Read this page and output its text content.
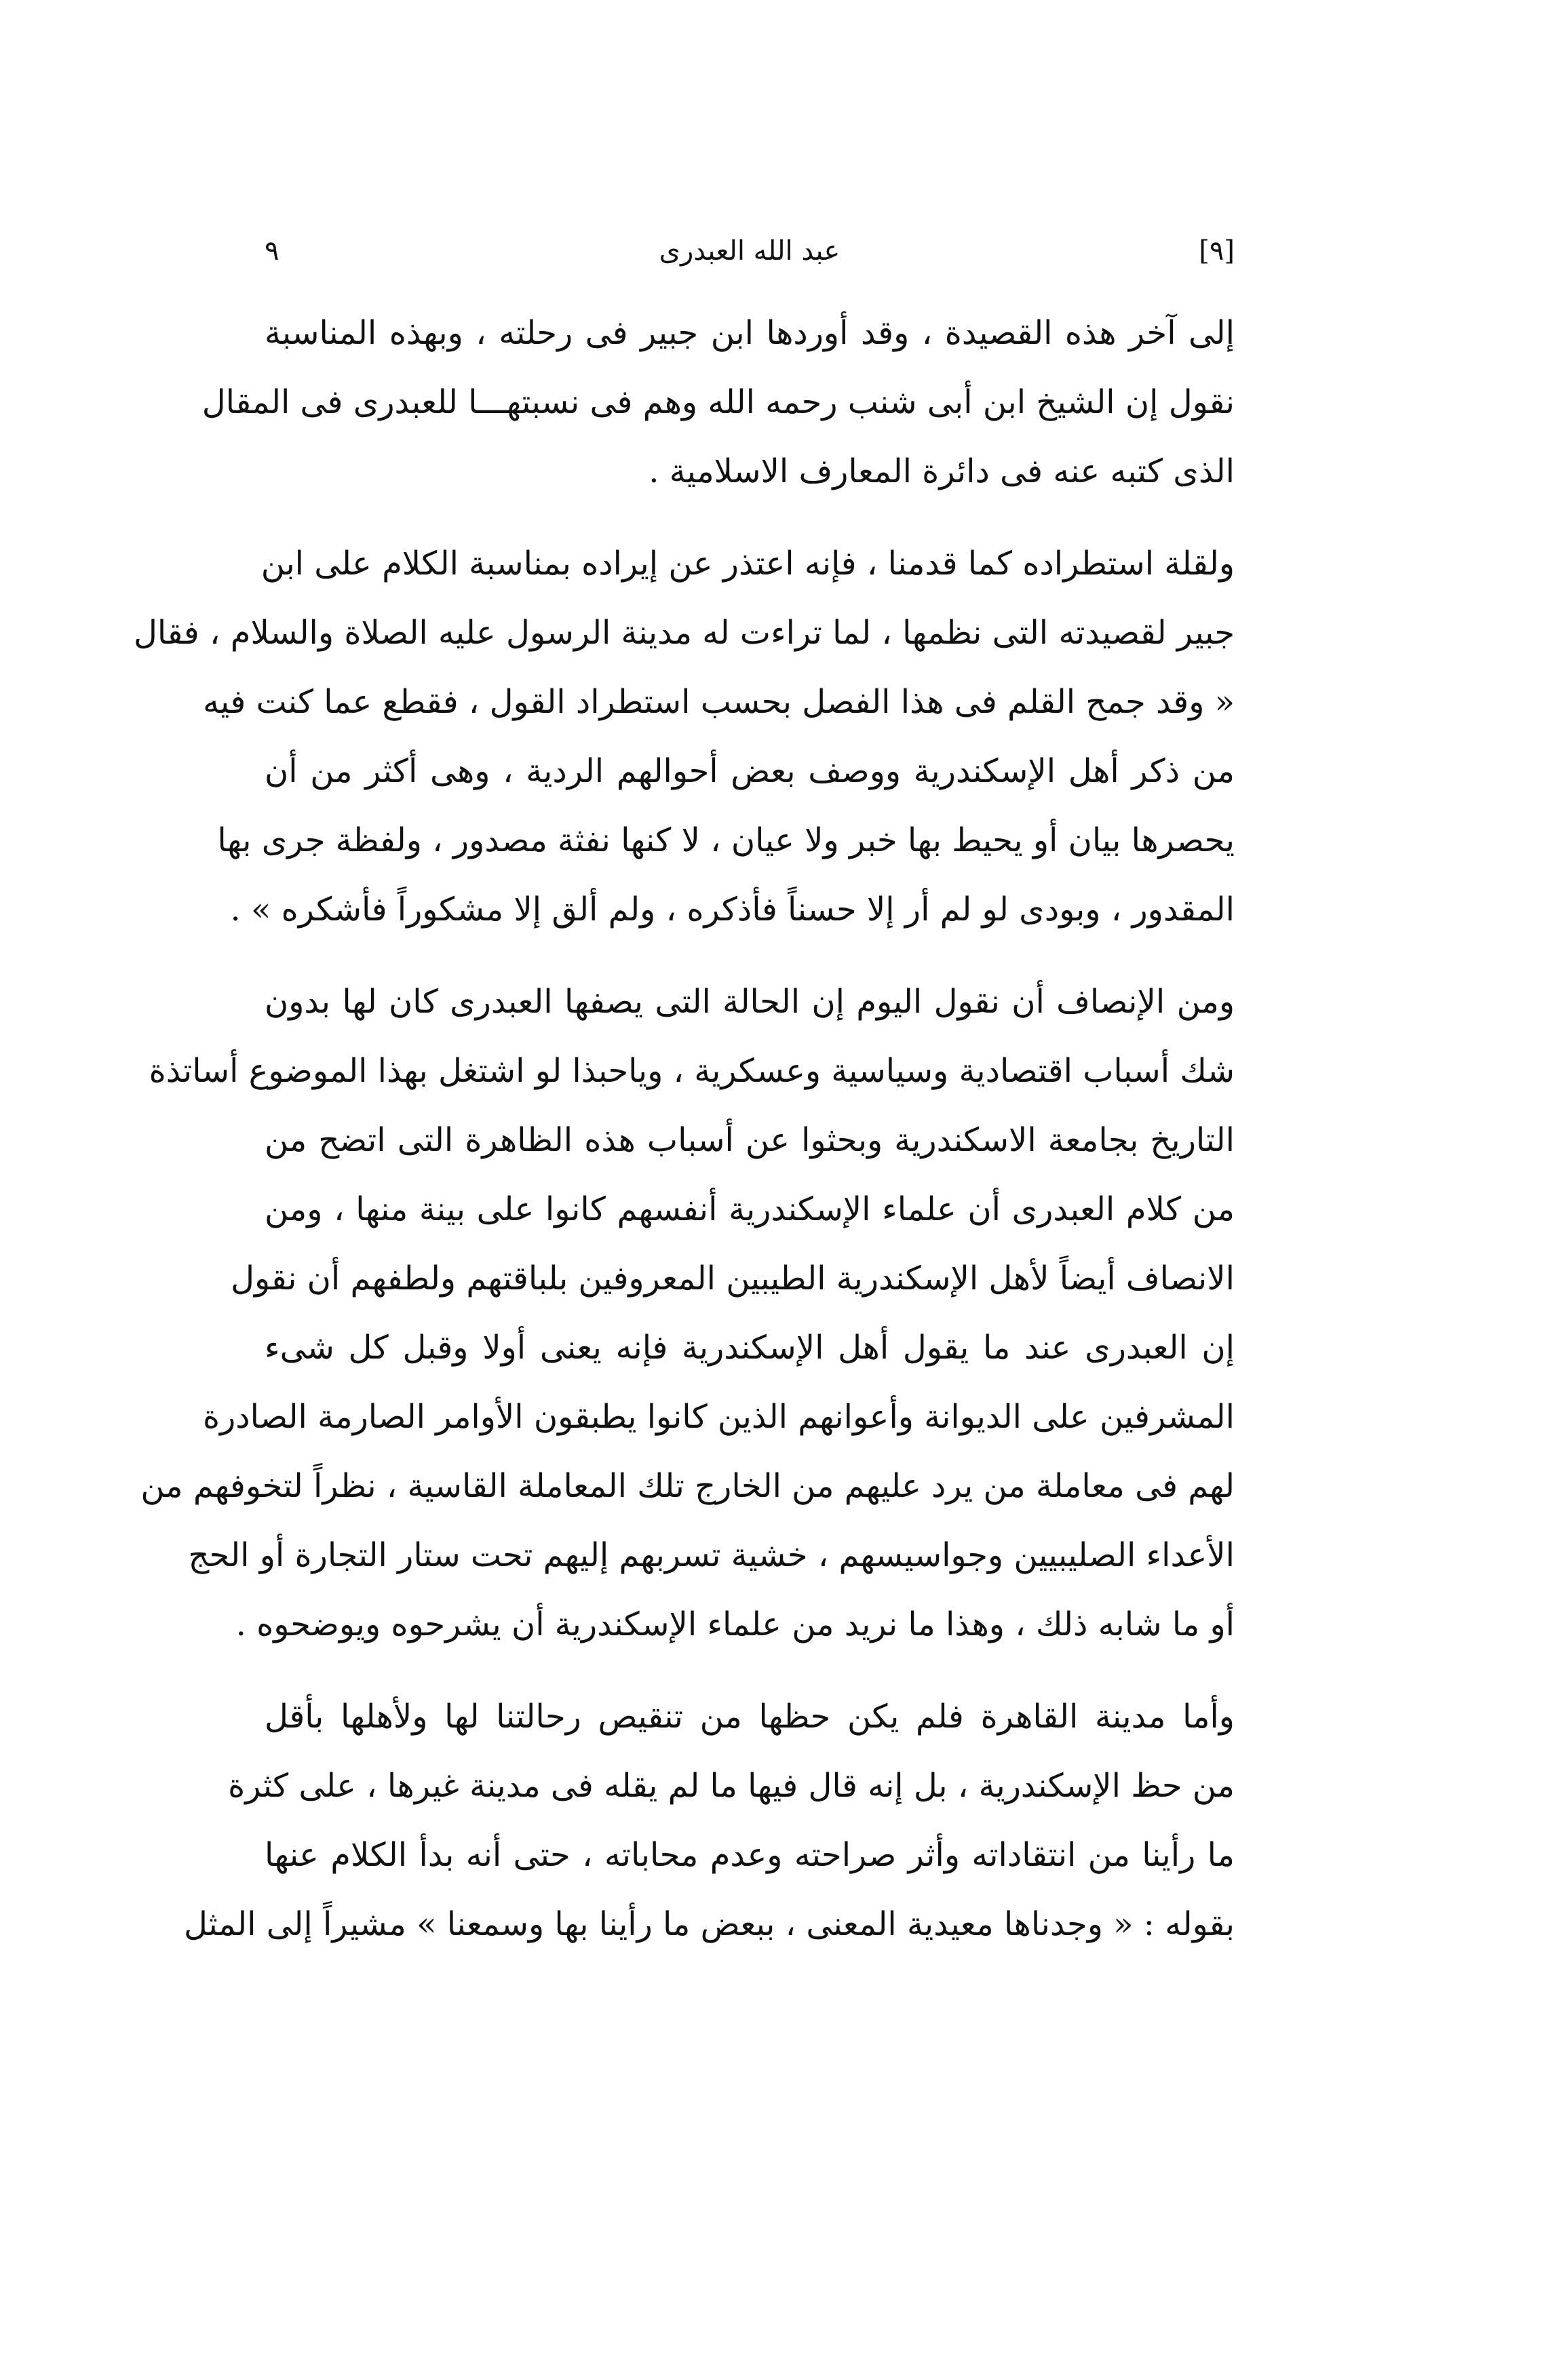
٩	عبد الله العبدرى	[٩]
إلى آخر هذه القصيدة ، وقد أوردها ابن جبير فى رحلته ، وبهذه المناسبة
نقول إن الشيخ ابن أبى شنب رحمه الله وهم فى نسبتهـــا للعبدرى فى المقال
الذى كتبه عنه فى دائرة المعارف الاسلامية .
ولقلة استطراده كما قدمنا ، فإنه اعتذر عن إيراده بمناسبة الكلام على ابن
جبير لقصيدته التى نظمها ، لما تراءت له مدينة الرسول عليه الصلاة والسلام ، فقال
« وقد جمح القلم فى هذا الفصل بحسب استطراد القول ، فقطع عما كنت فيه
من ذكر أهل الإسكندرية ووصف بعض أحوالهم الردية ، وهى أكثر من أن
يحصرها بيان أو يحيط بها خبر ولا عيان ، لا كنها نفثة مصدور ، ولفظة جرى بها
المقدور ، وبودى لو لم أر إلا حسناً فأذكره ، ولم ألق إلا مشكوراً فأشكره » .
ومن الإنصاف أن نقول اليوم إن الحالة التى يصفها العبدرى كان لها بدون
شك أسباب اقتصادية وسياسية وعسكرية ، وياحبذا لو اشتغل بهذا الموضوع أساتذة
التاريخ بجامعة الاسكندرية وبحثوا عن أسباب هذه الظاهرة التى اتضح من
من كلام العبدرى أن علماء الإسكندرية أنفسهم كانوا على بينة منها ، ومن
الانصاف أيضاً لأهل الإسكندرية الطيبين المعروفين بلباقتهم ولطفهم أن نقول
إن العبدرى عند ما يقول أهل الإسكندرية فإنه يعنى أولا وقبل كل شىء
المشرفين على الديوانة وأعوانهم الذين كانوا يطبقون الأوامر الصارمة الصادرة
لهم فى معاملة من يرد عليهم من الخارج تلك المعاملة القاسية ، نظراً لتخوفهم من
الأعداء الصليبيين وجواسيسهم ، خشية تسربهم إليهم تحت ستار التجارة أو الحج
أو ما شابه ذلك ، وهذا ما نريد من علماء الإسكندرية أن يشرحوه ويوضحوه .
وأما مدينة القاهرة فلم يكن حظها من تنقيص رحالتنا لها ولأهلها بأقل
من حظ الإسكندرية ، بل إنه قال فيها ما لم يقله فى مدينة غيرها ، على كثرة
ما رأينا من انتقاداته وأثر صراحته وعدم محاباته ، حتى أنه بدأ الكلام عنها
بقوله : « وجدناها معيدية المعنى ، ببعض ما رأينا بها وسمعنا » مشيراً إلى المثل
